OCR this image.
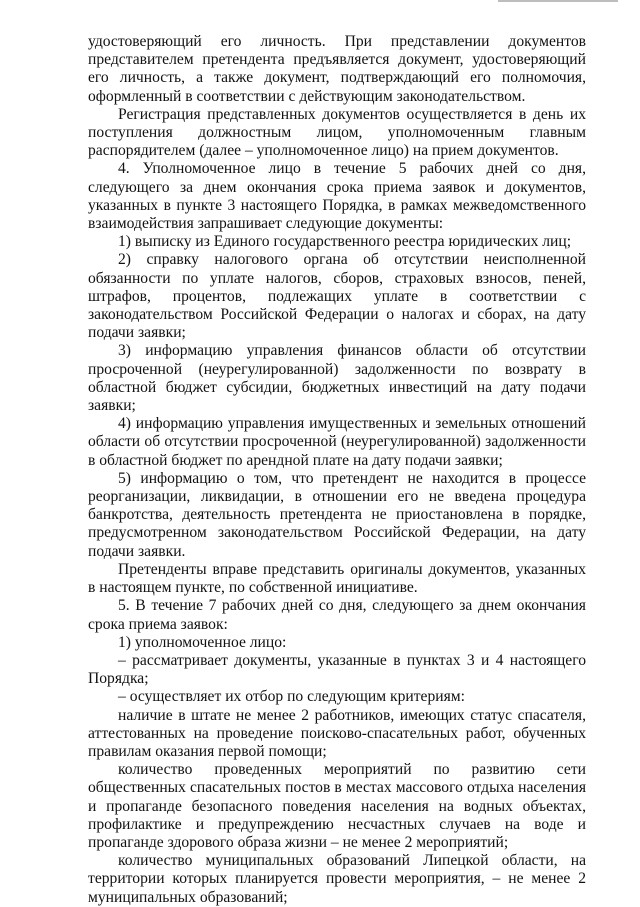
удостоверяющий его личность. При представлении документов представителем претендента предъявляется документ, удостоверяющий его личность, а также документ, подтверждающий его полномочия, оформленный в соответствии с действующим законодательством.

Регистрация представленных документов осуществляется в день их поступления должностным лицом, уполномоченным главным распорядителем (далее – уполномоченное лицо) на прием документов.

4. Уполномоченное лицо в течение 5 рабочих дней со дня, следующего за днем окончания срока приема заявок и документов, указанных в пункте 3 настоящего Порядка, в рамках межведомственного взаимодействия запрашивает следующие документы:

1) выписку из Единого государственного реестра юридических лиц;

2) справку налогового органа об отсутствии неисполненной обязанности по уплате налогов, сборов, страховых взносов, пеней, штрафов, процентов, подлежащих уплате в соответствии с законодательством Российской Федерации о налогах и сборах, на дату подачи заявки;

3) информацию управления финансов области об отсутствии просроченной (неурегулированной) задолженности по возврату в областной бюджет субсидии, бюджетных инвестиций на дату подачи заявки;

4) информацию управления имущественных и земельных отношений области об отсутствии просроченной (неурегулированной) задолженности в областной бюджет по арендной плате на дату подачи заявки;

5) информацию о том, что претендент не находится в процессе реорганизации, ликвидации, в отношении его не введена процедура банкротства, деятельность претендента не приостановлена в порядке, предусмотренном законодательством Российской Федерации, на дату подачи заявки.

Претенденты вправе представить оригиналы документов, указанных в настоящем пункте, по собственной инициативе.

5. В течение 7 рабочих дней со дня, следующего за днем окончания срока приема заявок:

1) уполномоченное лицо:

– рассматривает документы, указанные в пунктах 3 и 4 настоящего Порядка;

– осуществляет их отбор по следующим критериям:

наличие в штате не менее 2 работников, имеющих статус спасателя, аттестованных на проведение поисково-спасательных работ, обученных правилам оказания первой помощи;

количество проведенных мероприятий по развитию сети общественных спасательных постов в местах массового отдыха населения и пропаганде безопасного поведения населения на водных объектах, профилактике и предупреждению несчастных случаев на воде и пропаганде здорового образа жизни – не менее 2 мероприятий;

количество муниципальных образований Липецкой области, на территории которых планируется провести мероприятия, – не менее 2 муниципальных образований;
